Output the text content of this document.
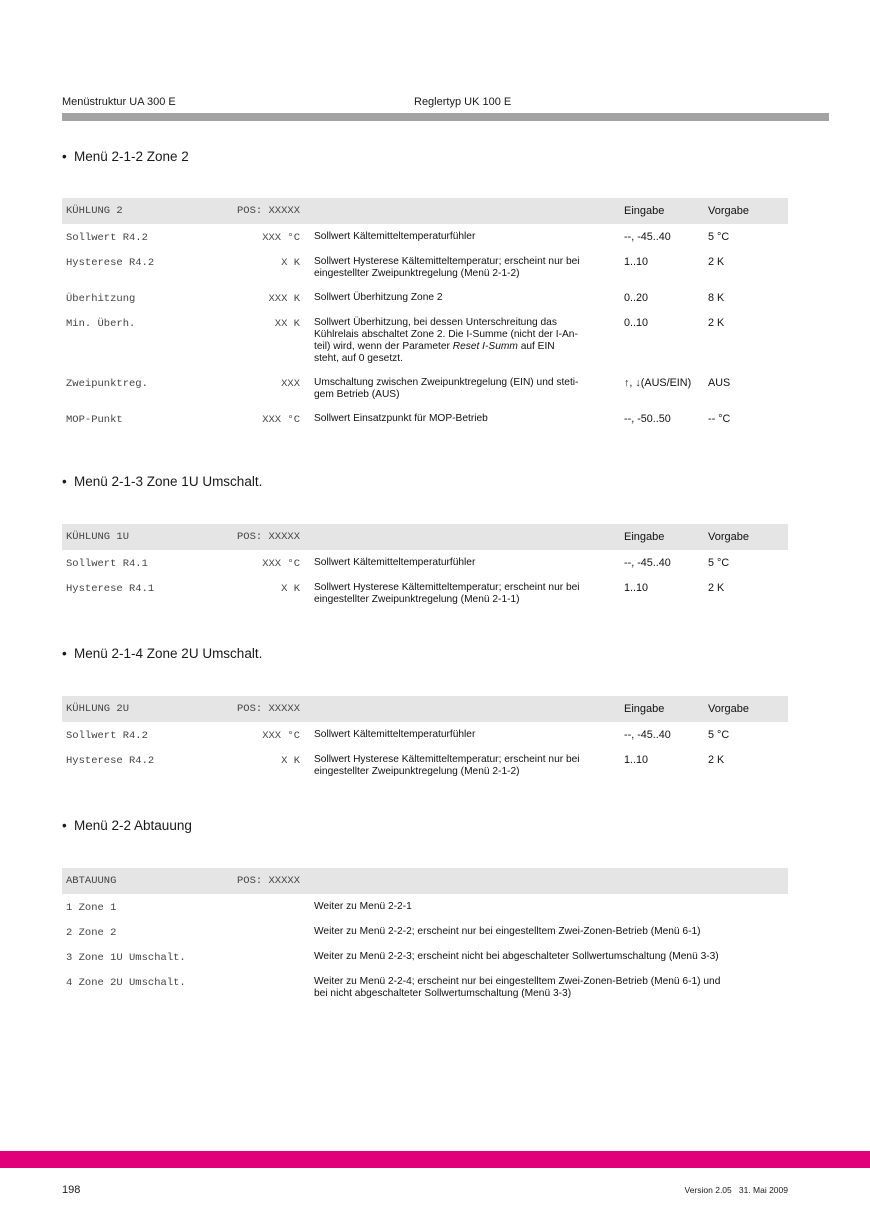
Menüstruktur UA 300 E	Reglertyp UK 100 E
• Menü 2-1-2 Zone 2
KÜHLUNG 2	POS: XXXXX		Eingabe	Vorgabe
Sollwert R4.2	XXX °C	Sollwert Kältemitteltemperaturfühler	--, -45..40	5 °C
Hysterese R4.2	X K	Sollwert Hysterese Kältemitteltemperatur; erscheint nur bei
eingestellter Zweipunktregelung (Menü 2-1-2)	1..10	2 K
Überhitzung	XXX K	Sollwert Überhitzung Zone 2	0..20	8 K
Min. Überh.	XX K	Sollwert Überhitzung, bei dessen Unterschreitung das
Kühlrelais abschaltet Zone 2. Die I-Summe (nicht der I-An-
teil) wird, wenn der Parameter Reset I-Summ auf EIN
steht, auf 0 gesetzt.	0..10	2 K
Zweipunktreg.	XXX	Umschaltung zwischen Zweipunktregelung (EIN) und steti-
gem Betrieb (AUS)	↑, ↓(AUS/EIN)	AUS
MOP-Punkt	XXX °C	Sollwert Einsatzpunkt für MOP-Betrieb	--, -50..50	-- °C
• Menü 2-1-3 Zone 1U Umschalt.
KÜHLUNG 1U	POS: XXXXX		Eingabe	Vorgabe
Sollwert R4.1	XXX °C	Sollwert Kältemitteltemperaturfühler	--, -45..40	5 °C
Hysterese R4.1	X K	Sollwert Hysterese Kältemitteltemperatur; erscheint nur bei
eingestellter Zweipunktregelung (Menü 2-1-1)	1..10	2 K
• Menü 2-1-4 Zone 2U Umschalt.
KÜHLUNG 2U	POS: XXXXX		Eingabe	Vorgabe
Sollwert R4.2	XXX °C	Sollwert Kältemitteltemperaturfühler	--, -45..40	5 °C
Hysterese R4.2	X K	Sollwert Hysterese Kältemitteltemperatur; erscheint nur bei
eingestellter Zweipunktregelung (Menü 2-1-2)	1..10	2 K
• Menü 2-2 Abtauung
ABTAUUNG	POS: XXXXX			
1 Zone 1		Weiter zu Menü 2-2-1		

2 Zone 2		Weiter zu Menü 2-2-2; erscheint nur bei eingestelltem Zwei-Zonen-Betrieb (Menü 6-1)		

3 Zone 1U Umschalt.		Weiter zu Menü 2-2-3; erscheint nicht bei abgeschalteter Sollwertumschaltung (Menü 3-3)		

4 Zone 2U Umschalt.		Weiter zu Menü 2-2-4; erscheint nur bei eingestelltem Zwei-Zonen-Betrieb (Menü 6-1) und
bei nicht abgeschalteter Sollwertumschaltung (Menü 3-3)		
198	Version 2.05   31. Mai 2009
